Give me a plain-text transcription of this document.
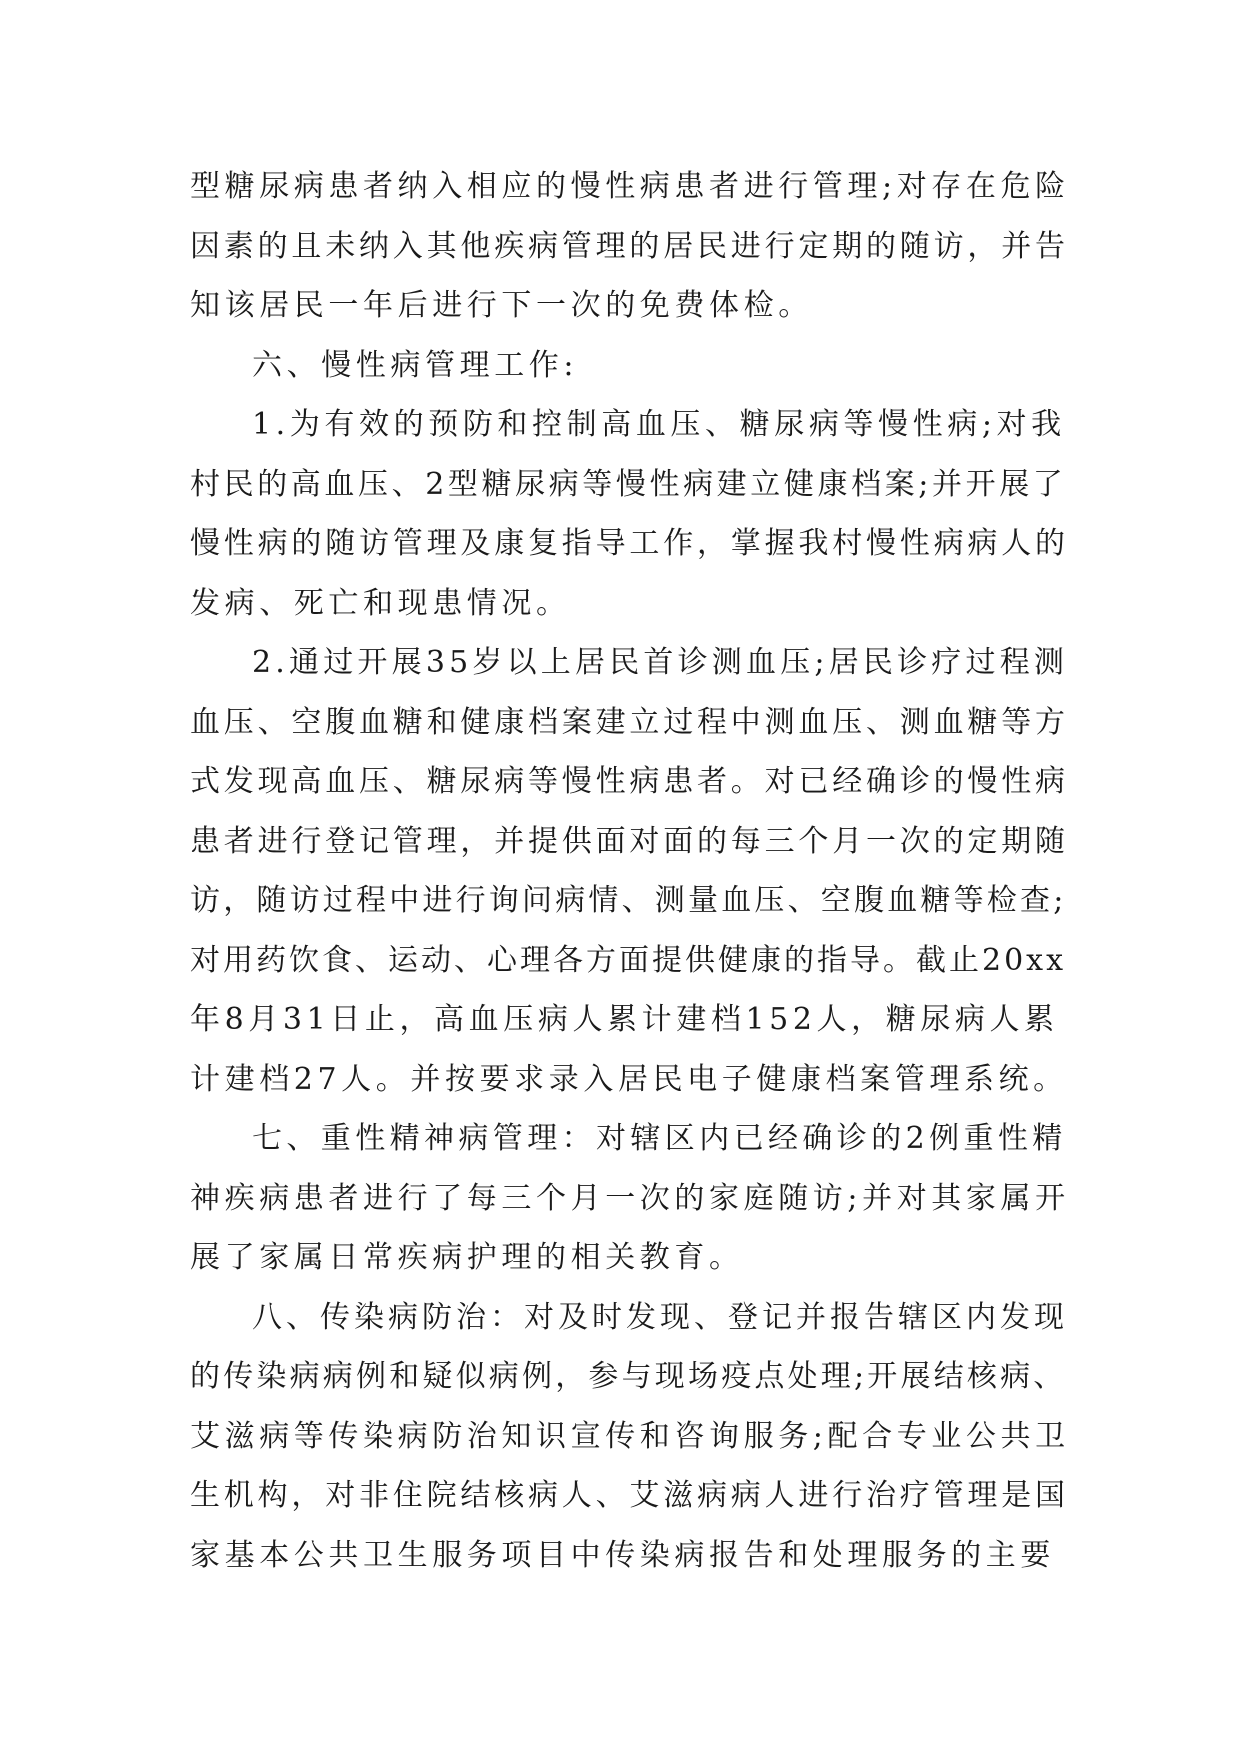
型糖尿病患者纳入相应的慢性病患者进行管理;对存在危险
因素的且未纳入其他疾病管理的居民进行定期的随访，并告
知该居民一年后进行下一次的免费体检。
六、慢性病管理工作:
1.为有效的预防和控制高血压、糖尿病等慢性病;对我
村民的高血压、2型糖尿病等慢性病建立健康档案;并开展了
慢性病的随访管理及康复指导工作，掌握我村慢性病病人的
发病、死亡和现患情况。
2.通过开展35岁以上居民首诊测血压;居民诊疗过程测
血压、空腹血糖和健康档案建立过程中测血压、测血糖等方
式发现高血压、糖尿病等慢性病患者。对已经确诊的慢性病
患者进行登记管理，并提供面对面的每三个月一次的定期随
访，随访过程中进行询问病情、测量血压、空腹血糖等检查;
对用药饮食、运动、心理各方面提供健康的指导。截止20xx
年8月31日止，高血压病人累计建档152人，糖尿病人累
计建档27人。并按要求录入居民电子健康档案管理系统。
七、重性精神病管理：对辖区内已经确诊的2例重性精
神疾病患者进行了每三个月一次的家庭随访;并对其家属开
展了家属日常疾病护理的相关教育。
八、传染病防治：对及时发现、登记并报告辖区内发现
的传染病病例和疑似病例，参与现场疫点处理;开展结核病、
艾滋病等传染病防治知识宣传和咨询服务;配合专业公共卫
生机构，对非住院结核病人、艾滋病病人进行治疗管理是国
家基本公共卫生服务项目中传染病报告和处理服务的主要
